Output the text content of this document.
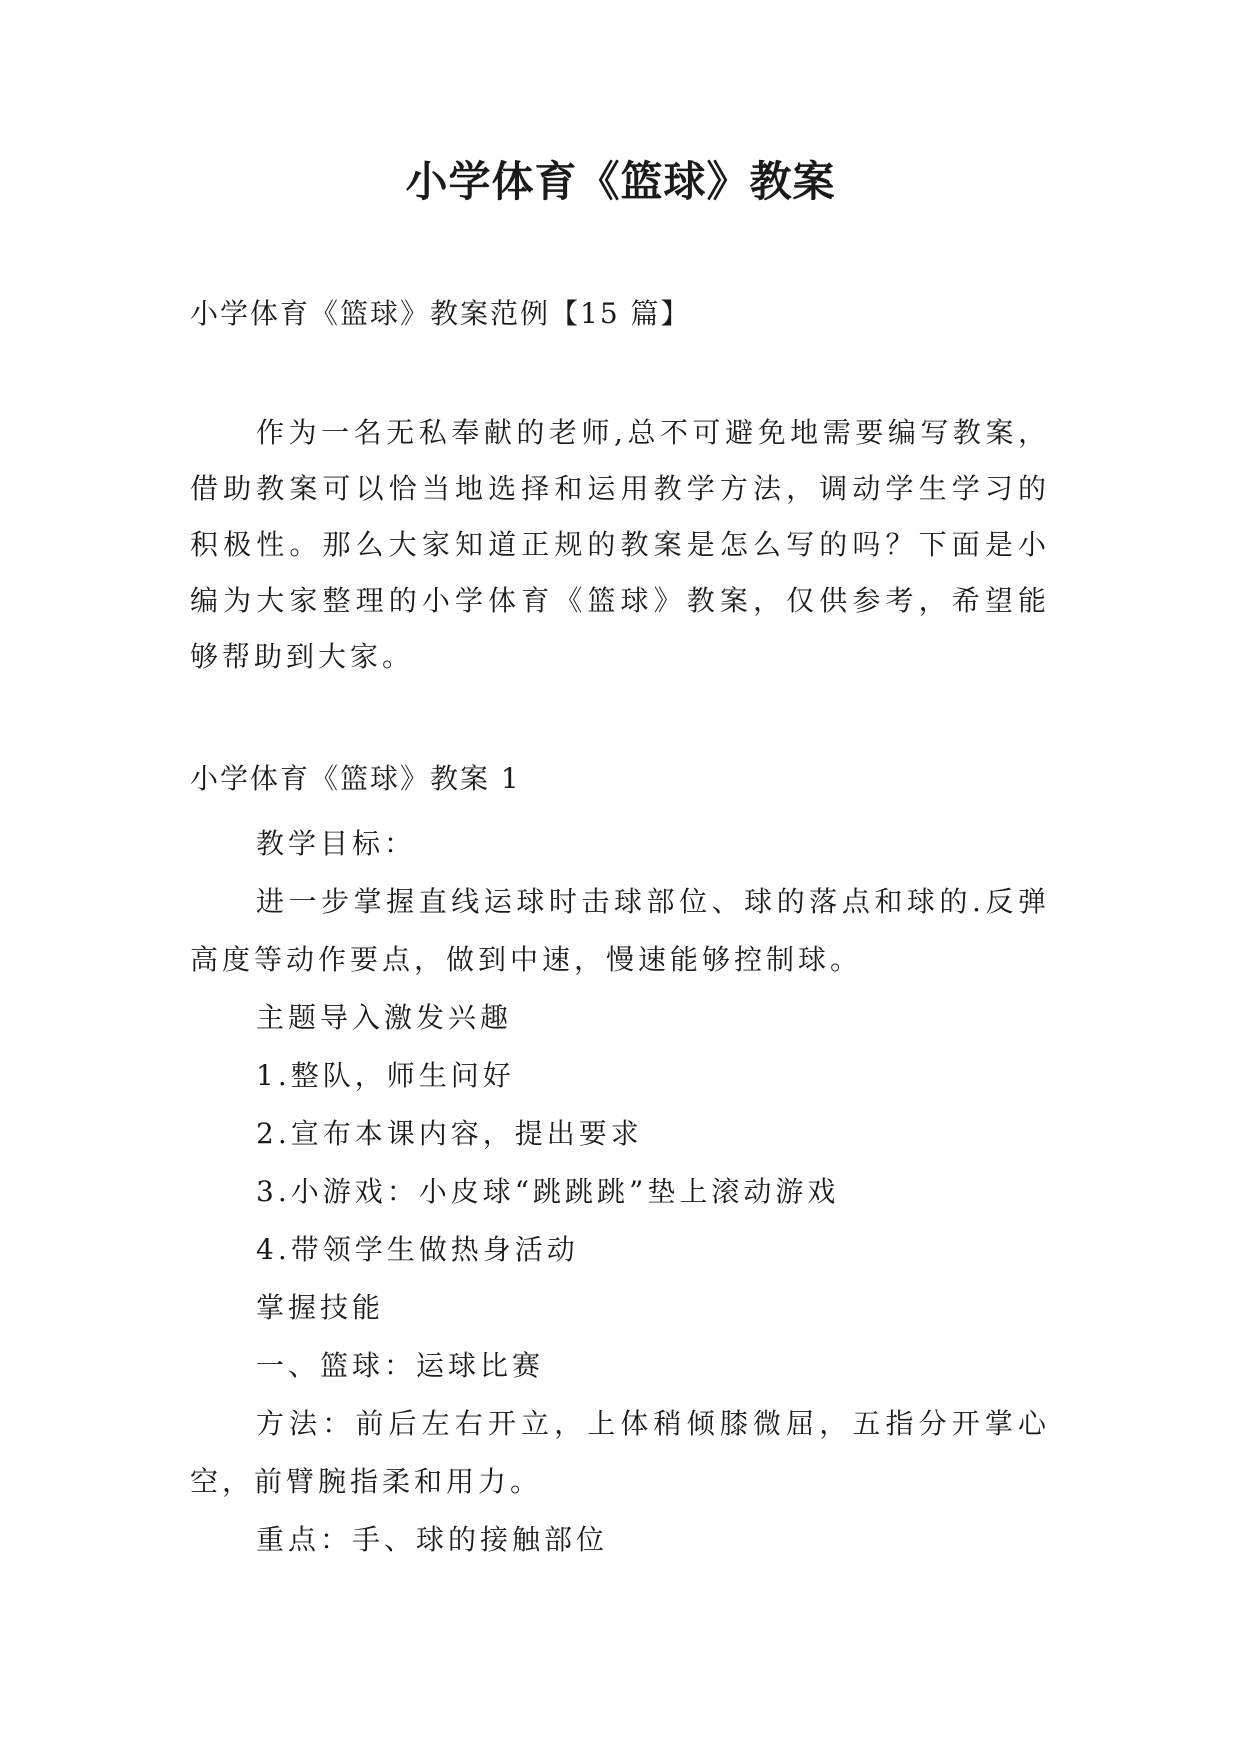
小学体育《篮球》教案

小学体育《篮球》教案范例【15 篇】

作为一名无私奉献的老师,总不可避免地需要编写教案，借助教案可以恰当地选择和运用教学方法，调动学生学习的积极性。那么大家知道正规的教案是怎么写的吗？下面是小编为大家整理的小学体育《篮球》教案，仅供参考，希望能够帮助到大家。

小学体育《篮球》教案 1

教学目标：

进一步掌握直线运球时击球部位、球的落点和球的.反弹高度等动作要点，做到中速，慢速能够控制球。

主题导入激发兴趣

1.整队，师生问好

2.宣布本课内容，提出要求

3.小游戏：小皮球“跳跳跳”垫上滚动游戏

4.带领学生做热身活动

掌握技能

一、篮球：运球比赛

方法：前后左右开立，上体稍倾膝微屈，五指分开掌心空，前臂腕指柔和用力。

重点：手、球的接触部位
